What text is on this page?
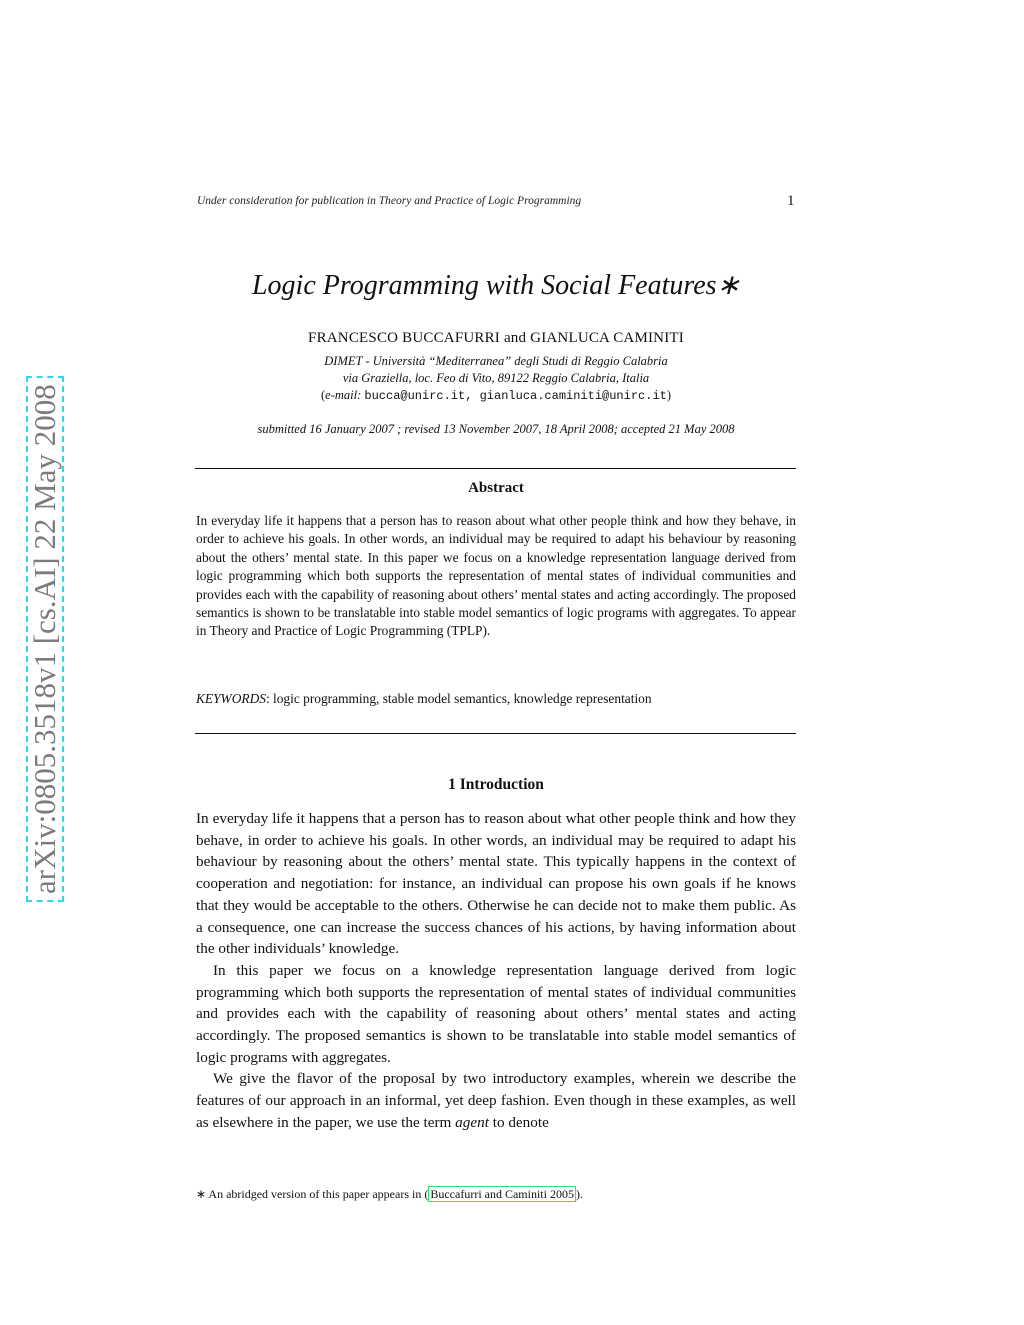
Under consideration for publication in Theory and Practice of Logic Programming	1
Logic Programming with Social Features∗
FRANCESCO BUCCAFURRI and GIANLUCA CAMINITI
DIMET - Università “Mediterranea” degli Studi di Reggio Calabria
via Graziella, loc. Feo di Vito, 89122 Reggio Calabria, Italia
(e-mail: bucca@unirc.it, gianluca.caminiti@unirc.it)
submitted 16 January 2007 ; revised 13 November 2007, 18 April 2008; accepted 21 May 2008
Abstract
In everyday life it happens that a person has to reason about what other people think and how they behave, in order to achieve his goals. In other words, an individual may be required to adapt his behaviour by reasoning about the others’ mental state. In this paper we focus on a knowledge representation language derived from logic programming which both supports the representation of mental states of individual communities and provides each with the capability of reasoning about others’ mental states and acting accordingly. The proposed semantics is shown to be translatable into stable model semantics of logic programs with aggregates. To appear in Theory and Practice of Logic Programming (TPLP).
KEYWORDS: logic programming, stable model semantics, knowledge representation
1 Introduction

In everyday life it happens that a person has to reason about what other people think and how they behave, in order to achieve his goals. In other words, an individual may be required to adapt his behaviour by reasoning about the others’ mental state. This typically happens in the context of cooperation and negotiation: for instance, an individual can propose his own goals if he knows that they would be acceptable to the others. Otherwise he can decide not to make them public. As a consequence, one can increase the success chances of his actions, by having information about the other individuals’ knowledge.

In this paper we focus on a knowledge representation language derived from logic programming which both supports the representation of mental states of individual communities and provides each with the capability of reasoning about others’ mental states and acting accordingly. The proposed semantics is shown to be translatable into stable model semantics of logic programs with aggregates.

We give the flavor of the proposal by two introductory examples, wherein we describe the features of our approach in an informal, yet deep fashion. Even though in these examples, as well as elsewhere in the paper, we use the term agent to denote

∗ An abridged version of this paper appears in ( Buccafurri and Caminiti 2005 ).
arXiv:0805.3518v1 [cs.AI] 22 May 2008
